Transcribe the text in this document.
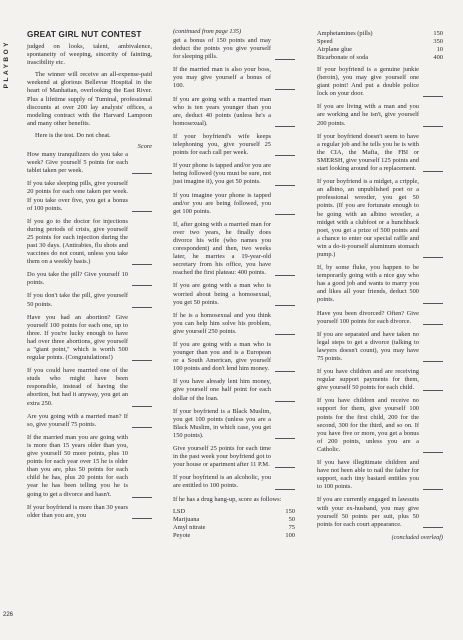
PLAYBOY
226
GREAT GIRL NUT CONTEST

judged on looks, talent, ambivalence, spontaneity of weeping, sincerity of fainting, irascibility etc.

The winner will receive an all-expense-paid weekend at glorious Bellevue Hospital in the heart of Manhattan, overlooking the East River. Plus a lifetime supply of Tuminal, professional discounts at over 200 lay analysts' offices, a modeling contract with the Harvard Lampoon and many other benefits.

Here is the test. Do not cheat.

Score

How many tranquilizers do you take a week? Give yourself 5 points for each tablet taken per week.

If you take sleeping pills, give yourself 20 points for each one taken per week. If you take over five, you get a bonus of 100 points.

If you go to the doctor for injections during periods of crisis, give yourself 25 points for each injection during the past 30 days. (Antirabies, flu shots and vaccines do not count, unless you take them on a weekly basis.)

Do you take the pill? Give yourself 10 points.

If you don't take the pill, give yourself 50 points.

Have you had an abortion? Give yourself 100 points for each one, up to three. If you're lucky enough to have had over three abortions, give yourself a "giant point," which is worth 500 regular points. (Congratulations!)

If you could have married one of the studs who might have been responsible, instead of having the abortion, but had it anyway, you get an extra 250.

Are you going with a married man? If so, give yourself 75 points.

If the married man you are going with is more than 15 years older than you, give yourself 50 more points, plus 10 points for each year over 15 he is older than you are, plus 50 points for each child he has, plus 20 points for each year he has been telling you he is going to get a divorce and hasn't.

If your boyfriend is more than 30 years older than you are, you

(continued from page 135)

get a bonus of 150 points and may deduct the points you give yourself for sleeping pills.

If the married man is also your boss, you may give yourself a bonus of 100.

If you are going with a married man who is ten years younger than you are, deduct 40 points (unless he's a homosexual).

If your boyfriend's wife keeps telephoning you, give yourself 25 points for each call per week.

If your phone is tapped and/or you are being followed (you must be sure, not just imagine it), you get 50 points.

If you imagine your phone is tapped and/or you are being followed, you get 100 points.

If, after going with a married man for over two years, he finally does divorce his wife (who names you corespondent) and then, two weeks later, he marries a 19-year-old secretary from his office, you have reached the first plateau: 400 points.

If you are going with a man who is worried about being a homosexual, you get 50 points.

If he is a homosexual and you think you can help him solve his problem, give yourself 250 points.

If you are going with a man who is younger than you and is a European or a South American, give yourself 100 points and don't lend him money.

If you have already lent him money, give yourself one half point for each dollar of the loan.

If your boyfriend is a Black Muslim, you get 100 points (unless you are a Black Muslim, in which case, you get 150 points).

Give yourself 25 points for each time in the past week your boyfriend got to your house or apartment after 11 P.M.

If your boyfriend is an alcoholic, you are entitled to 100 points.

If he has a drug hang-up, score as follows:

LSD	150
Marijuana	50
Amyl nitrate	75
Peyote	100
Amphetamines (pills)	150
Speed	350
Airplane glue	10
Bicarbonate of soda	400

If your boyfriend is a genuine junkie (heroin), you may give yourself one giant point! And put a double police lock on your door.

If you are living with a man and you are working and he isn't, give yourself 200 points.

If your boyfriend doesn't seem to have a regular job and he tells you he is with the CIA, the Mafia, the FBI or SMERSH, give yourself 125 points and start looking around for a replacement.

If your boyfriend is a midget, a cripple, an albino, an unpublished poet or a professional wrestler, you get 50 points. (If you are fortunate enough to be going with an albino wrestler, a midget with a clubfoot or a hunchback poet, you get a prize of 500 points and a chance to enter our special raffle and win a do-it-yourself aluminum stomach pump.)

If, by some fluke, you happen to be temporarily going with a nice guy who has a good job and wants to marry you and likes all your friends, deduct 500 points.

Have you been divorced? Often? Give yourself 100 points for each divorce.

If you are separated and have taken no legal steps to get a divorce (talking to lawyers doesn't count), you may have 75 points.

If you have children and are receiving regular support payments for them, give yourself 50 points for each child.

If you have children and receive no support for them, give yourself 100 points for the first child, 200 for the second, 300 for the third, and so on. If you have five or more, you get a bonus of 200 points, unless you are a Catholic.

If you have illegitimate children and have not been able to nail the father for support, each tiny bastard entitles you to 100 points.

If you are currently engaged in lawsuits with your ex-husband, you may give yourself 50 points per suit, plus 50 points for each court appearance.

(concluded overleaf)
